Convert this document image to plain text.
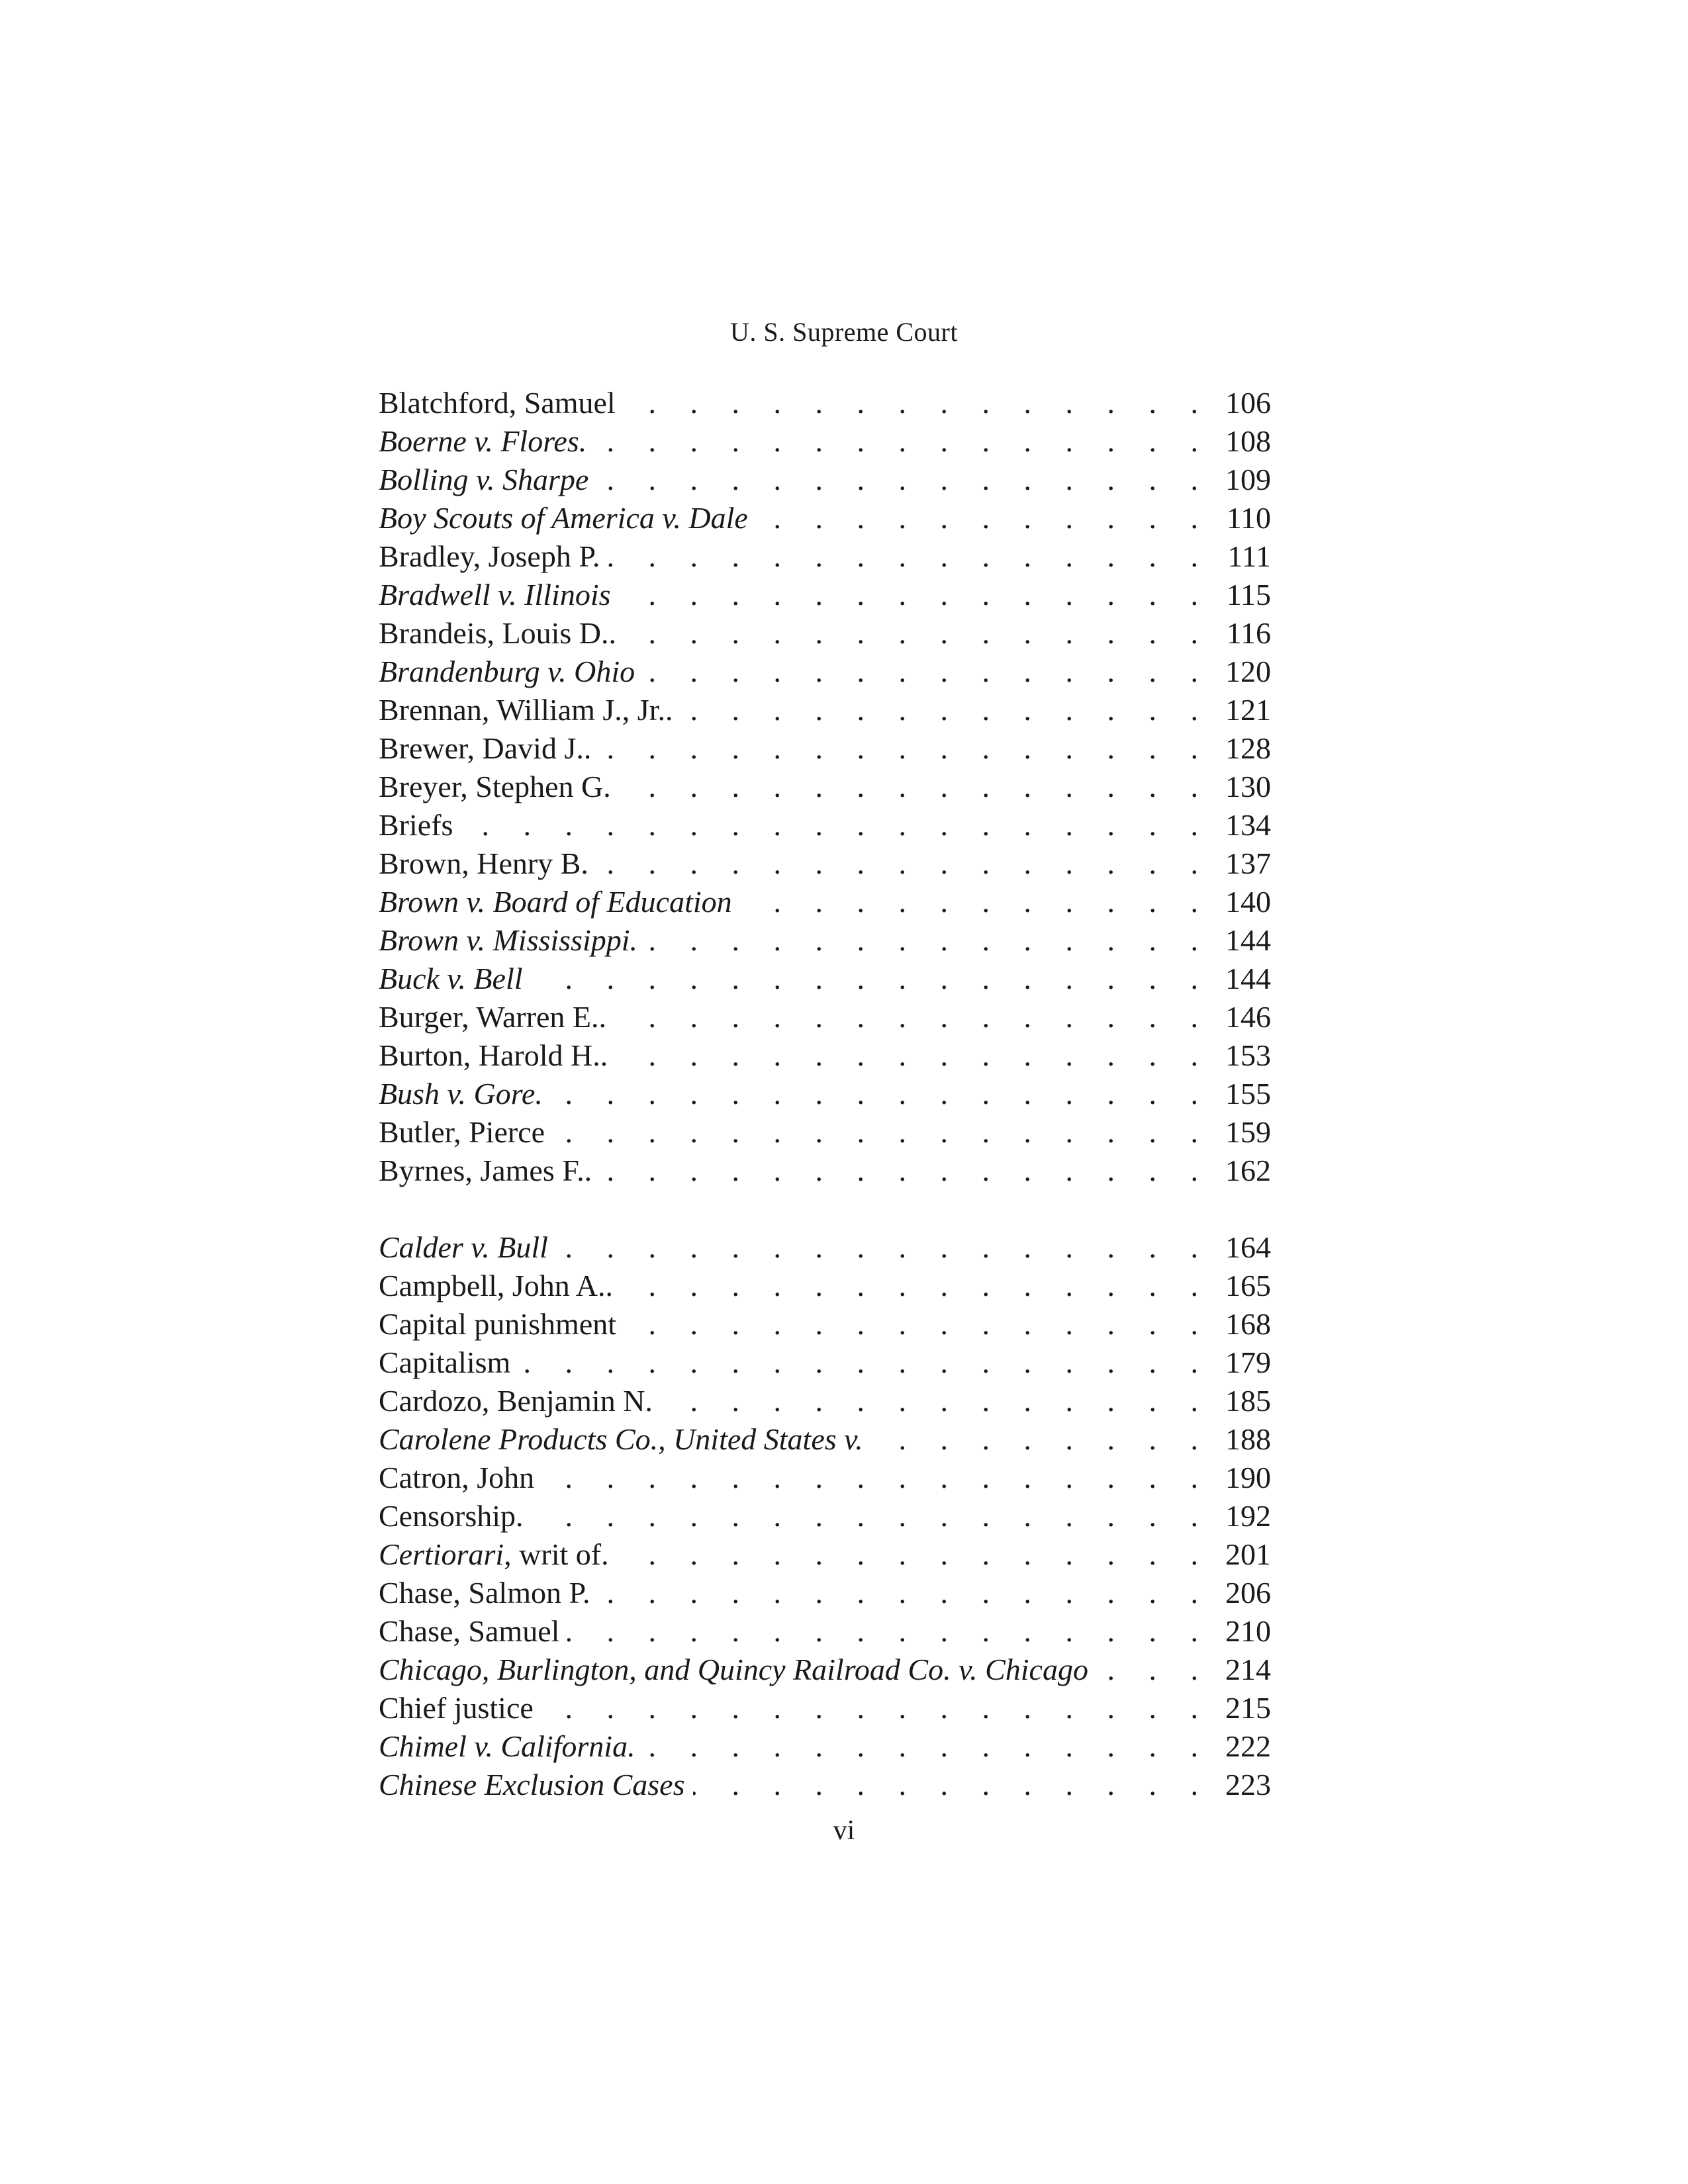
U. S. Supreme Court
Blatchford, Samuel . . .	106
Boerne v. Flores. . . .	108
Bolling v. Sharpe . . .	109
Boy Scouts of America v. Dale . . .	110
Bradley, Joseph P. . . .	111
Bradwell v. Illinois . . .	115
Brandeis, Louis D.. . . .	116
Brandenburg v. Ohio . . .	120
Brennan, William J., Jr.. . . .	121
Brewer, David J.. . . .	128
Breyer, Stephen G. . . .	130
Briefs . . .	134
Brown, Henry B. . . .	137
Brown v. Board of Education . . .	140
Brown v. Mississippi. . . .	144
Buck v. Bell . . .	144
Burger, Warren E.. . . .	146
Burton, Harold H.. . . .	153
Bush v. Gore. . . .	155
Butler, Pierce . . .	159
Byrnes, James F.. . . .	162
Calder v. Bull . . .	164
Campbell, John A.. . . .	165
Capital punishment . . .	168
Capitalism . . .	179
Cardozo, Benjamin N. . . .	185
Carolene Products Co., United States v. . . .	188
Catron, John . . .	190
Censorship. . . .	192
Certiorari, writ of. . . .	201
Chase, Salmon P. . . .	206
Chase, Samuel . . .	210
Chicago, Burlington, and Quincy Railroad Co. v. Chicago . . .	214
Chief justice . . .	215
Chimel v. California. . . .	222
Chinese Exclusion Cases . . .	223
vi
